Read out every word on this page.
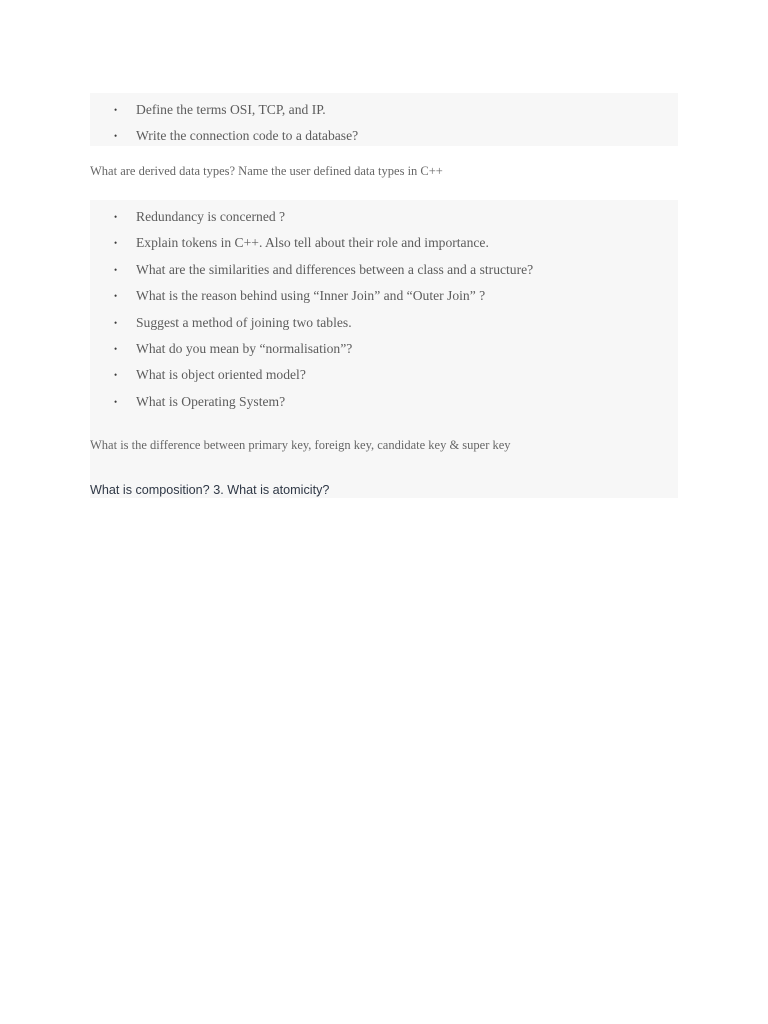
• Define the terms OSI, TCP, and IP.
• Write the connection code to a database?
What are derived data types? Name the user defined data types in C++
• Redundancy is concerned ?
• Explain tokens in C++. Also tell about their role and importance.
• What are the similarities and differences between a class and a structure?
• What is the reason behind using “Inner Join” and “Outer Join” ?
• Suggest a method of joining two tables.
• What do you mean by “normalisation”?
• What is object oriented model?
• What is Operating System?
What is the difference between primary key, foreign key, candidate key & super key
What is composition? 3. What is atomicity?
